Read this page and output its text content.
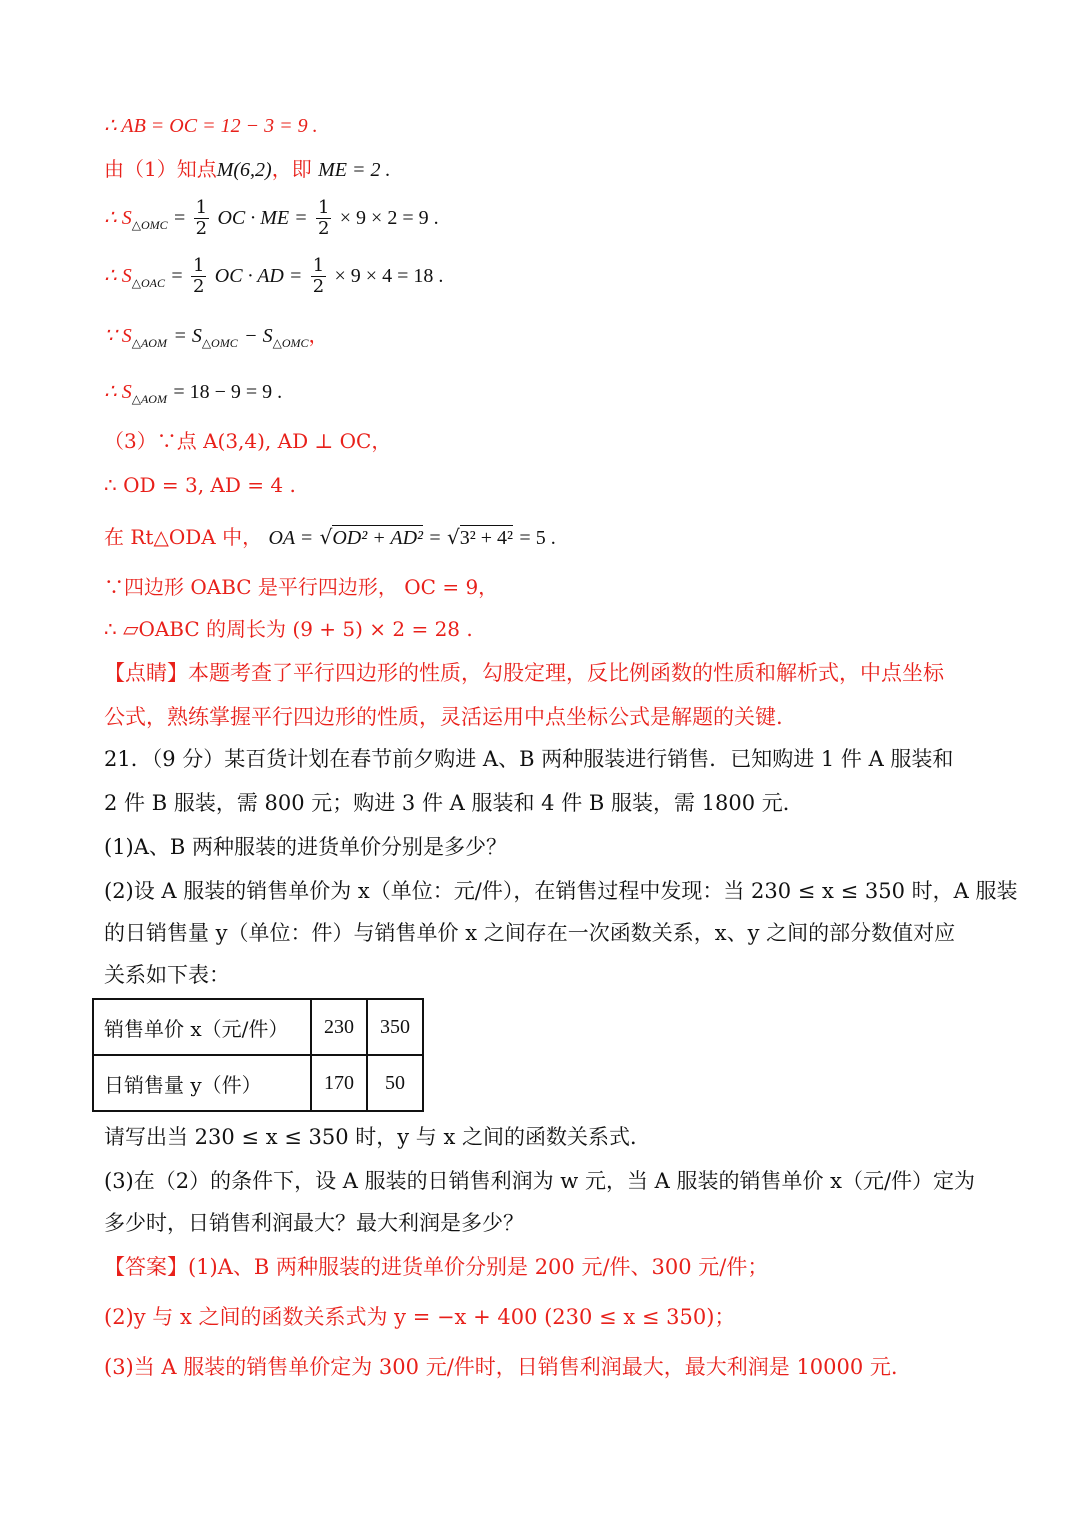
∴ AB = OC = 12 − 3 = 9 .
由（1）知点M(6,2)，即 ME = 2 .
∴ $S_{\triangle OMC} = \frac{1}{2}$ OC · ME = $\frac{1}{2} \times 9 \times 2 = 9$ .
∴ $S_{\triangle OAC} = \frac{1}{2}$ OC · AD = $\frac{1}{2} \times 9 \times 4 = 18$ .
∵ $S_{\triangle AOM} = S_{\triangle OMC} - S_{\triangle OMC}$，
∴ $S_{\triangle AOM} = 18 - 9 = 9$ .
（3）∵点 A(3,4), AD ⊥ OC，
∴ OD = 3, AD = 4 .
在 Rt△ODA 中， OA = √OD² + AD² = √3² + 4² = 5 .
∵四边形 OABC 是平行四边形， OC = 9，
∴ ▱OABC 的周长为 (9 + 5) × 2 = 28 .
【点睛】本题考查了平行四边形的性质，勾股定理，反比例函数的性质和解析式，中点坐标
公式，熟练掌握平行四边形的性质，灵活运用中点坐标公式是解题的关键.
21．（9 分）某百货计划在春节前夕购进 A、B 两种服装进行销售．已知购进 1 件 A 服装和
2 件 B 服装，需 800 元；购进 3 件 A 服装和 4 件 B 服装，需 1800 元．
(1)A、B 两种服装的进货单价分别是多少？
(2)设 A 服装的销售单价为 x（单位：元/件），在销售过程中发现：当 230 ≤ x ≤ 350 时，A 服装
的日销售量 y（单位：件）与销售单价 x 之间存在一次函数关系，x、y 之间的部分数值对应
关系如下表：
销售单价 x（元/件）	230	350
日销售量 y（件）	170	50
请写出当 230 ≤ x ≤ 350 时，y 与 x 之间的函数关系式．
(3)在（2）的条件下，设 A 服装的日销售利润为 w 元，当 A 服装的销售单价 x（元/件）定为
多少时，日销售利润最大？最大利润是多少？
【答案】(1)A、B 两种服装的进货单价分别是 200 元/件、300 元/件；
(2)y 与 x 之间的函数关系式为 y = −x + 400 (230 ≤ x ≤ 350)；
(3)当 A 服装的销售单价定为 300 元/件时，日销售利润最大，最大利润是 10000 元.
